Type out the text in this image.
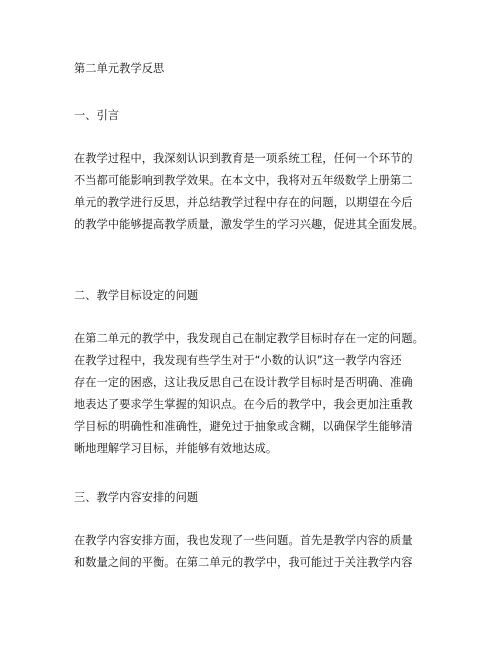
第二单元教学反思
一、引言
在教学过程中，我深刻认识到教育是一项系统工程，任何一个环节的
不当都可能影响到教学效果。在本文中，我将对五年级数学上册第二
单元的教学进行反思，并总结教学过程中存在的问题，以期望在今后
的教学中能够提高教学质量，激发学生的学习兴趣，促进其全面发展。
二、教学目标设定的问题
在第二单元的教学中，我发现自己在制定教学目标时存在一定的问题。
在教学过程中，我发现有些学生对于“小数的认识”这一教学内容还
存在一定的困惑，这让我反思自己在设计教学目标时是否明确、准确
地表达了要求学生掌握的知识点。在今后的教学中，我会更加注重教
学目标的明确性和准确性，避免过于抽象或含糊，以确保学生能够清
晰地理解学习目标，并能够有效地达成。
三、教学内容安排的问题
在教学内容安排方面，我也发现了一些问题。首先是教学内容的质量
和数量之间的平衡。在第二单元的教学中，我可能过于关注教学内容
